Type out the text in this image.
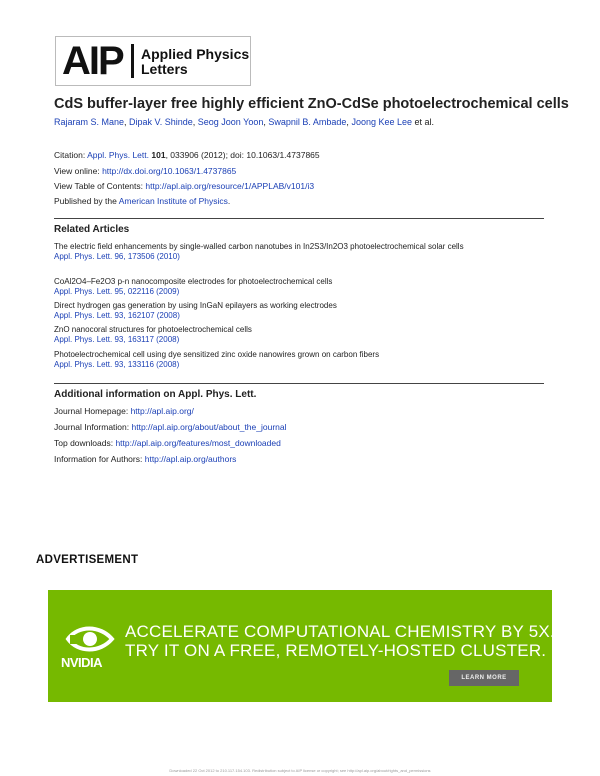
AIP Applied Physics
Letters
CdS buffer-layer free highly efficient ZnO-CdSe photoelectrochemical cells
Rajaram S. Mane, Dipak V. Shinde, Seog Joon Yoon, Swapnil B. Ambade, Joong Kee Lee et al.
Citation: Appl. Phys. Lett. 101, 033906 (2012); doi: 10.1063/1.4737865
View online: http://dx.doi.org/10.1063/1.4737865
View Table of Contents: http://apl.aip.org/resource/1/APPLAB/v101/i3
Published by the American Institute of Physics.
Related Articles
The electric field enhancements by single-walled carbon nanotubes in In2S3/In2O3 photoelectrochemical solar cells
Appl. Phys. Lett. 96, 173506 (2010)
CoAl2O4–Fe2O3 p-n nanocomposite electrodes for photoelectrochemical cells
Appl. Phys. Lett. 95, 022116 (2009)
Direct hydrogen gas generation by using InGaN epilayers as working electrodes
Appl. Phys. Lett. 93, 162107 (2008)
ZnO nanocoral structures for photoelectrochemical cells
Appl. Phys. Lett. 93, 163117 (2008)
Photoelectrochemical cell using dye sensitized zinc oxide nanowires grown on carbon fibers
Appl. Phys. Lett. 93, 133116 (2008)
Additional information on Appl. Phys. Lett.
Journal Homepage: http://apl.aip.org/
Journal Information: http://apl.aip.org/about/about_the_journal
Top downloads: http://apl.aip.org/features/most_downloaded
Information for Authors: http://apl.aip.org/authors
ADVERTISEMENT
NVIDIA
ACCELERATE COMPUTATIONAL CHEMISTRY BY 5X.
TRY IT ON A FREE, REMOTELY-HOSTED CLUSTER.
LEARN MORE
Downloaded 22 Oct 2012 to 210.117.154.103. Redistribution subject to AIP license or copyright; see http://apl.aip.org/about/rights_and_permissions
